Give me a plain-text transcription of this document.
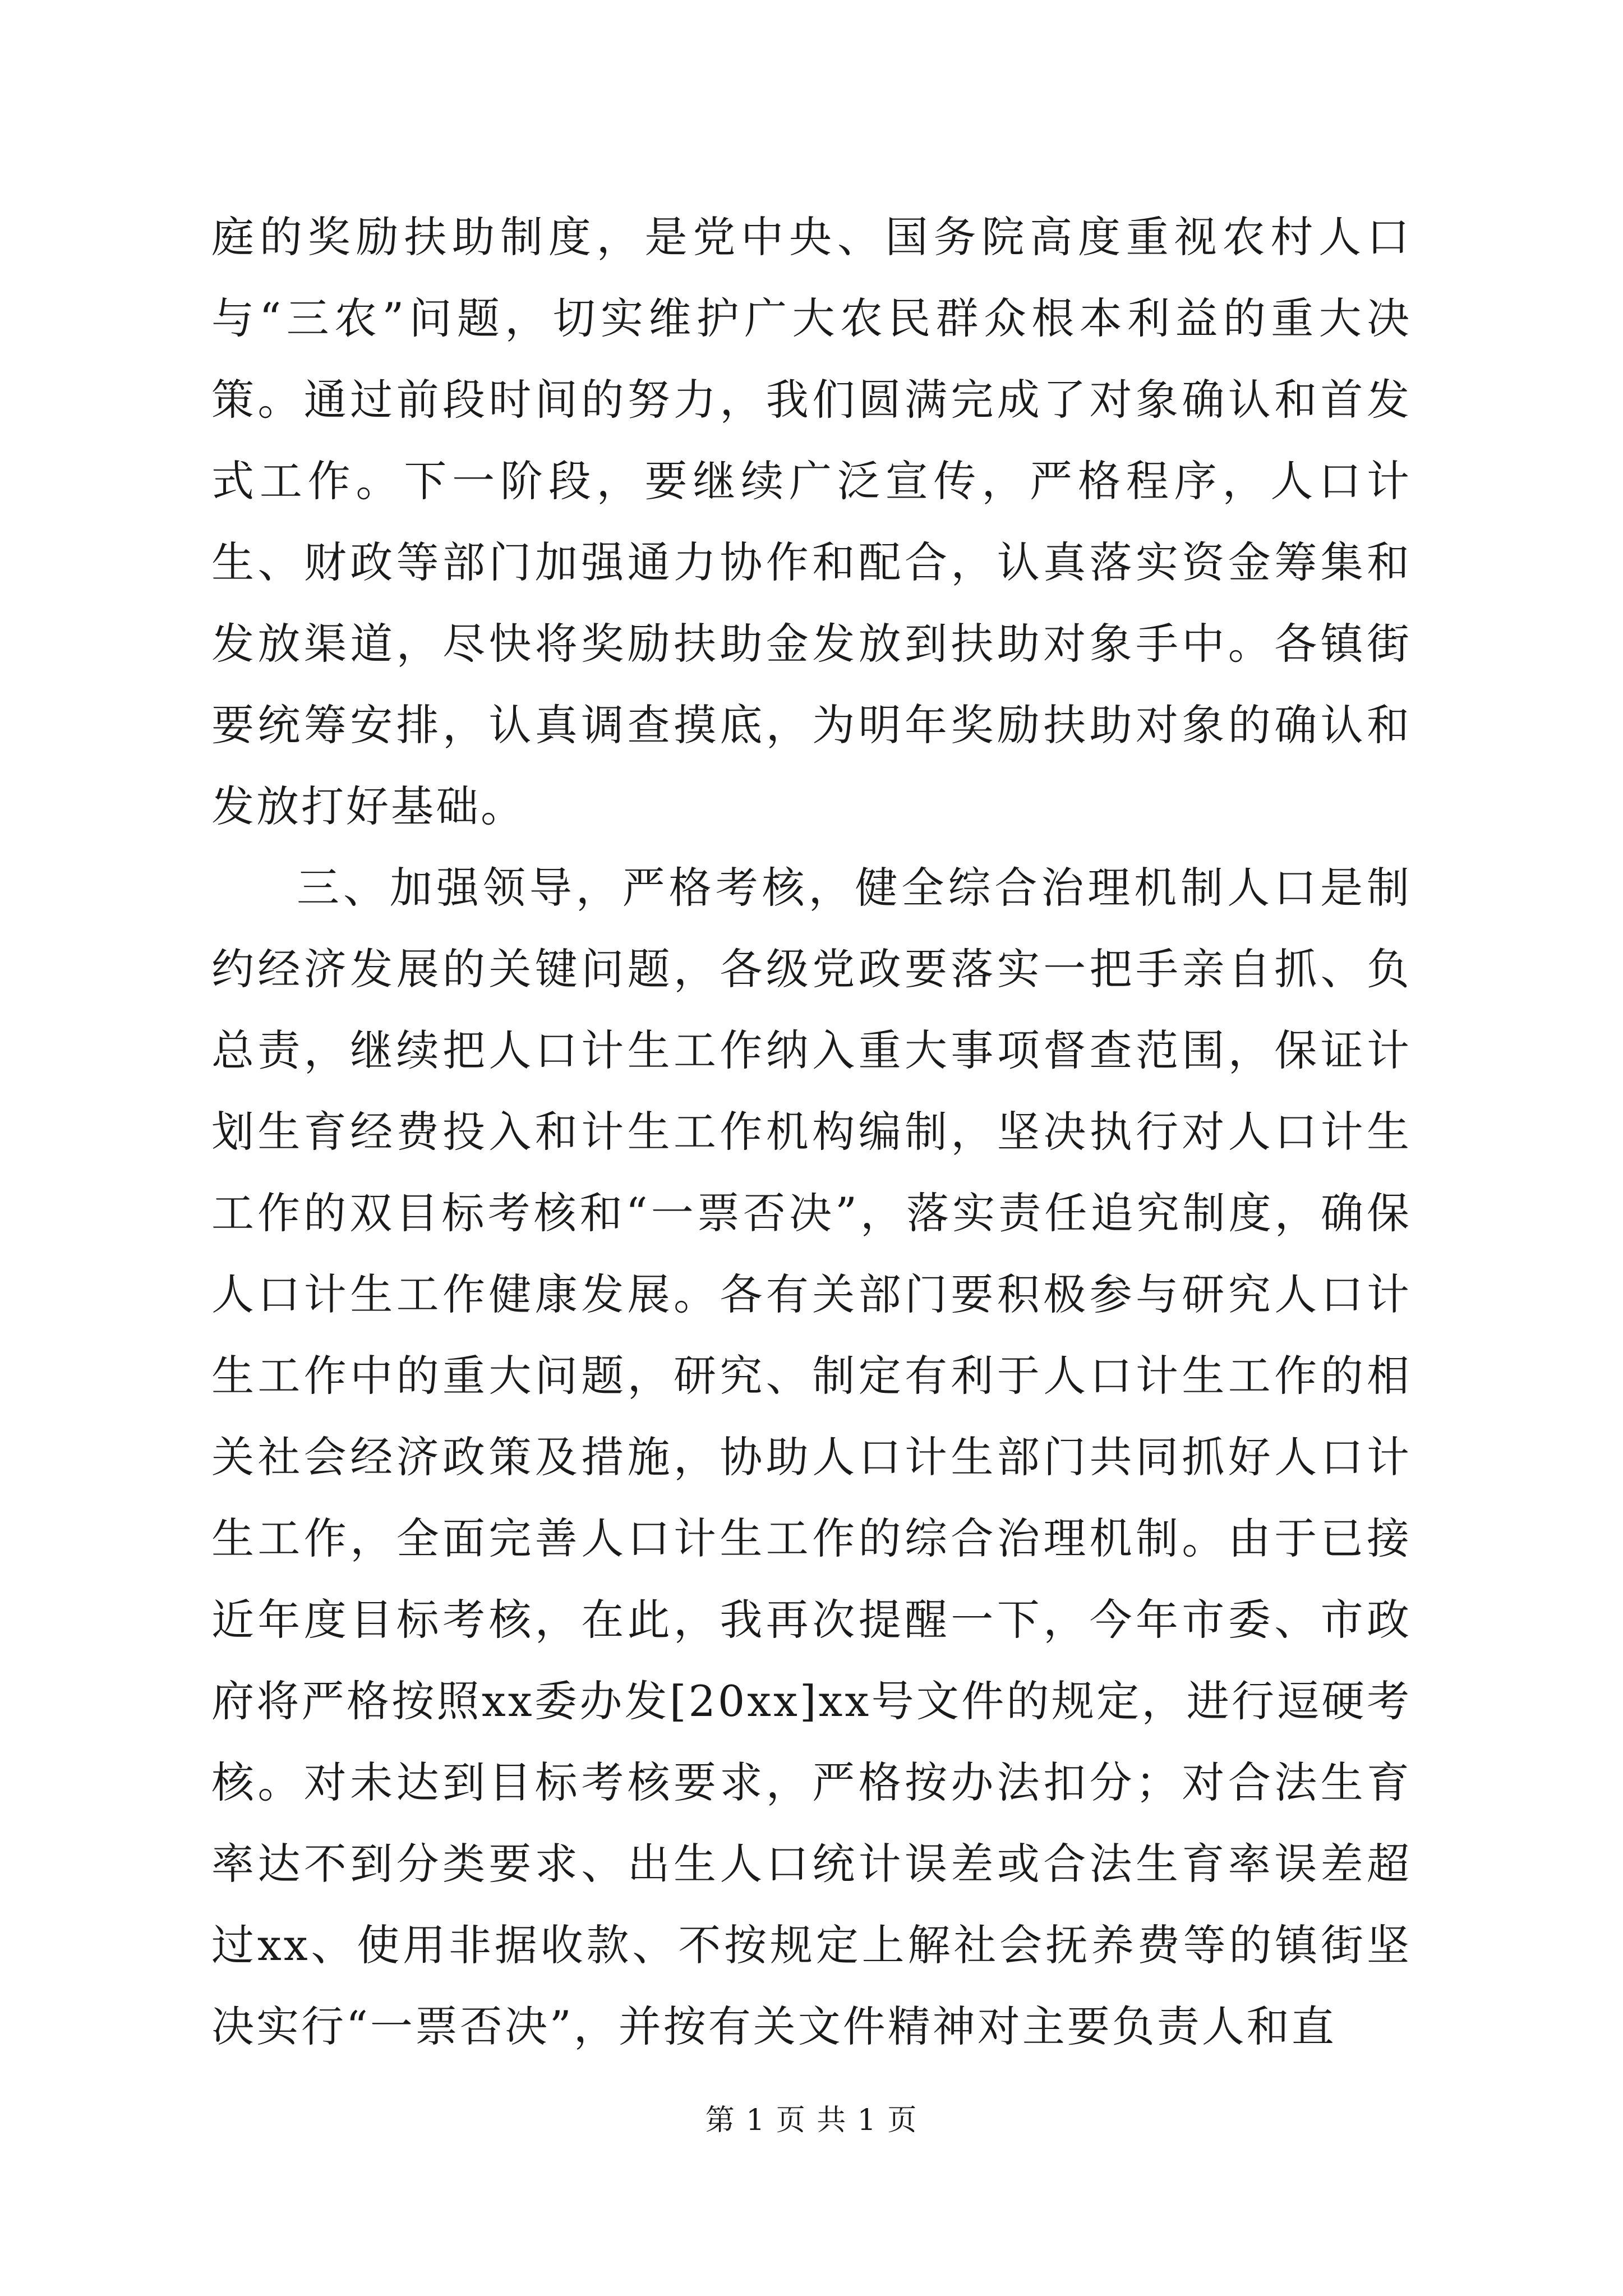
庭的奖励扶助制度，是党中央、国务院高度重视农村人口与“三农”问题，切实维护广大农民群众根本利益的重大决策。通过前段时间的努力，我们圆满完成了对象确认和首发式工作。下一阶段，要继续广泛宣传，严格程序，人口计生、财政等部门加强通力协作和配合，认真落实资金筹集和发放渠道，尽快将奖励扶助金发放到扶助对象手中。各镇街要统筹安排，认真调查摸底，为明年奖励扶助对象的确认和发放打好基础。

三、加强领导，严格考核，健全综合治理机制人口是制约经济发展的关键问题，各级党政要落实一把手亲自抓、负总责，继续把人口计生工作纳入重大事项督查范围，保证计划生育经费投入和计生工作机构编制，坚决执行对人口计生工作的双目标考核和“一票否决”，落实责任追究制度，确保人口计生工作健康发展。各有关部门要积极参与研究人口计生工作中的重大问题，研究、制定有利于人口计生工作的相关社会经济政策及措施，协助人口计生部门共同抓好人口计生工作，全面完善人口计生工作的综合治理机制。由于已接近年度目标考核，在此，我再次提醒一下，今年市委、市政府将严格按照xx委办发[20xx]xx号文件的规定，进行逗硬考核。对未达到目标考核要求，严格按办法扣分；对合法生育率达不到分类要求、出生人口统计误差或合法生育率误差超过xx、使用非据收款、不按规定上解社会抚养费等的镇街坚决实行“一票否决”，并按有关文件精神对主要负责人和直

第 1 页 共 1 页
